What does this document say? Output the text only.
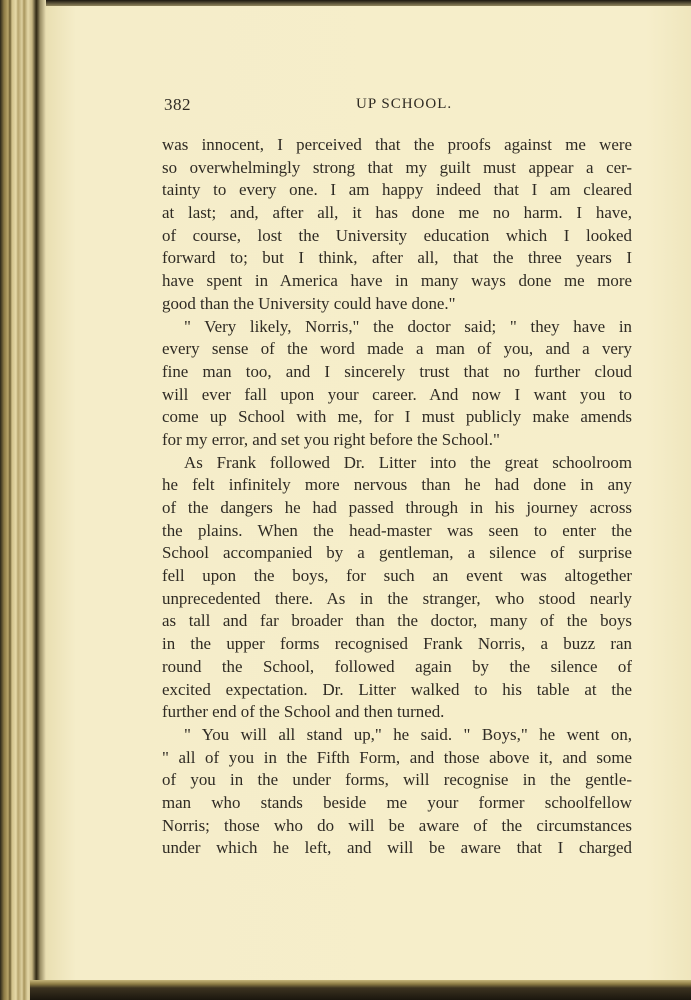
382	UP SCHOOL.
was innocent, I perceived that the proofs against me were
so overwhelmingly strong that my guilt must appear a cer-
tainty to every one. I am happy indeed that I am cleared
at last; and, after all, it has done me no harm. I have,
of course, lost the University education which I looked
forward to; but I think, after all, that the three years I
have spent in America have in many ways done me more
good than the University could have done."
" Very likely, Norris," the doctor said; " they have in
every sense of the word made a man of you, and a very
fine man too, and I sincerely trust that no further cloud
will ever fall upon your career. And now I want you to
come up School with me, for I must publicly make amends
for my error, and set you right before the School."
As Frank followed Dr. Litter into the great schoolroom
he felt infinitely more nervous than he had done in any
of the dangers he had passed through in his journey across
the plains. When the head-master was seen to enter the
School accompanied by a gentleman, a silence of surprise
fell upon the boys, for such an event was altogether
unprecedented there. As in the stranger, who stood nearly
as tall and far broader than the doctor, many of the boys
in the upper forms recognised Frank Norris, a buzz ran
round the School, followed again by the silence of
excited expectation. Dr. Litter walked to his table at the
further end of the School and then turned.
" You will all stand up," he said. " Boys," he went on,
" all of you in the Fifth Form, and those above it, and some
of you in the under forms, will recognise in the gentle-
man who stands beside me your former schoolfellow
Norris; those who do will be aware of the circumstances
under which he left, and will be aware that I charged
